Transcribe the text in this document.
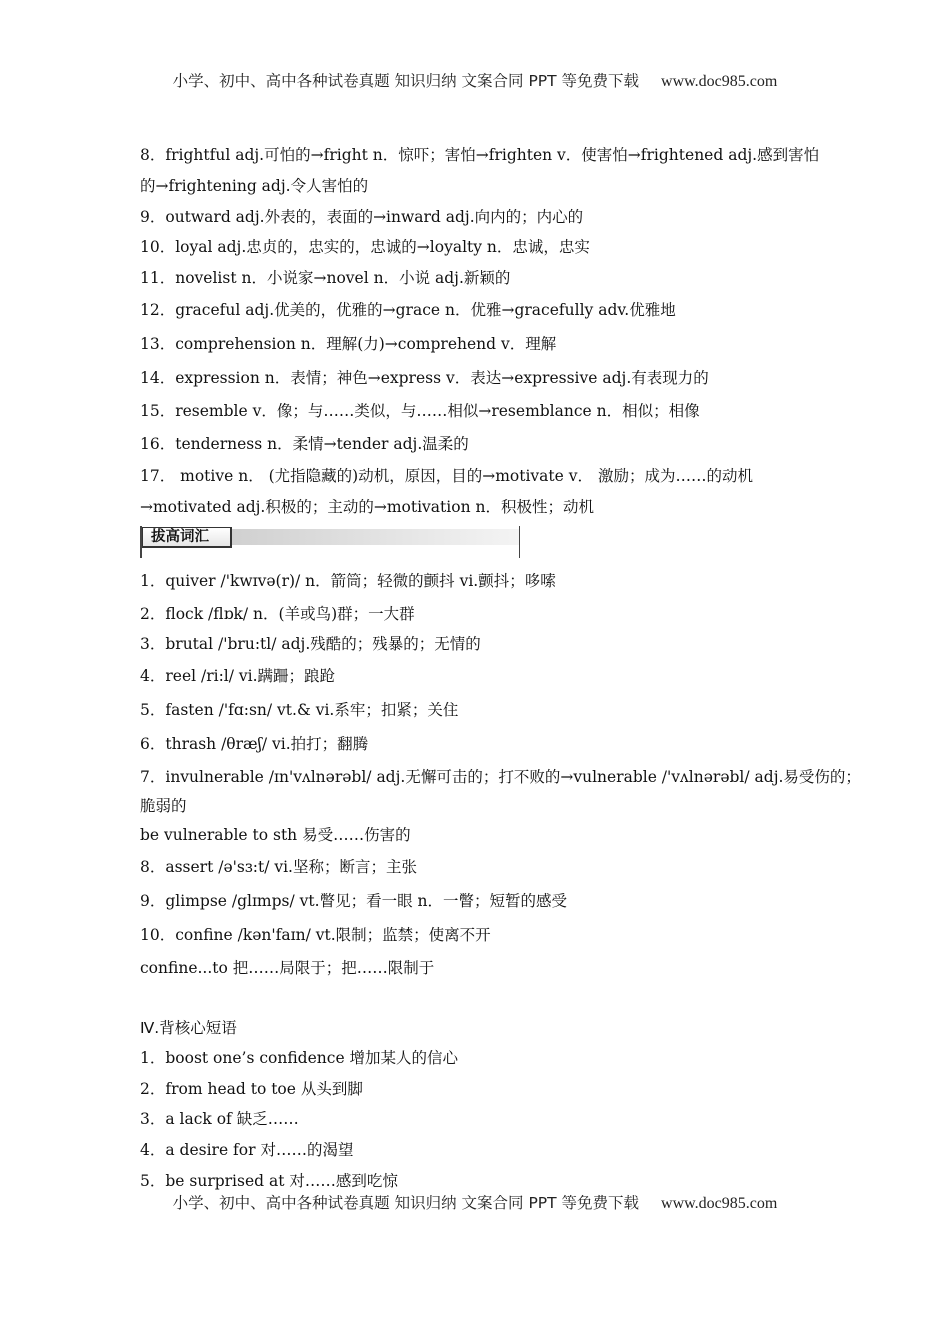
小学、初中、高中各种试卷真题 知识归纳 文案合同 PPT 等免费下载 www.doc985.com
8．frightful adj.可怕的→fright n．惊吓；害怕→frighten v．使害怕→frightened adj.感到害怕
的→frightening adj.令人害怕的
9．outward adj.外表的，表面的→inward adj.向内的；内心的
10．loyal adj.忠贞的，忠实的，忠诚的→loyalty n．忠诚，忠实
11．novelist n．小说家→novel n．小说 adj.新颖的
12．graceful adj.优美的，优雅的→grace n．优雅→gracefully adv.优雅地
13．comprehension n．理解(力)→comprehend v．理解
14．expression n．表情；神色→express v．表达→expressive adj.有表现力的
15．resemble v．像；与……类似，与……相似→resemblance n．相似；相像
16．tenderness n．柔情→tender adj.温柔的
17． motive n． (尤指隐藏的)动机，原因，目的→motivate v． 激励；成为……的动机
→motivated adj.积极的；主动的→motivation n．积极性；动机
拔高词汇
1．quiver /'kwɪvə(r)/ n．箭筒；轻微的颤抖 vi.颤抖；哆嗦
2．flock /flɒk/ n．(羊或鸟)群；一大群
3．brutal /'bru:tl/ adj.残酷的；残暴的；无情的
4．reel /ri:l/ vi.蹒跚；踉跄
5．fasten /'fɑ:sn/ vt.& vi.系牢；扣紧；关住
6．thrash /θræʃ/ vi.拍打；翻腾
7．invulnerable /ɪn'vʌlnərəbl/ adj.无懈可击的；打不败的→vulnerable /'vʌlnərəbl/ adj.易受伤的；
脆弱的
be vulnerable to sth 易受……伤害的
8．assert /ə'sɜ:t/ vi.坚称；断言；主张
9．glimpse /glɪmps/ vt.瞥见；看一眼 n．一瞥；短暂的感受
10．confine /kən'faɪn/ vt.限制；监禁；使离不开
confine...to 把……局限于；把……限制于
Ⅳ.背核心短语
1．boost one’s confidence 增加某人的信心
2．from head to toe 从头到脚
3．a lack of 缺乏……
4．a desire for 对……的渴望
5．be surprised at 对……感到吃惊
小学、初中、高中各种试卷真题 知识归纳 文案合同 PPT 等免费下载 www.doc985.com
